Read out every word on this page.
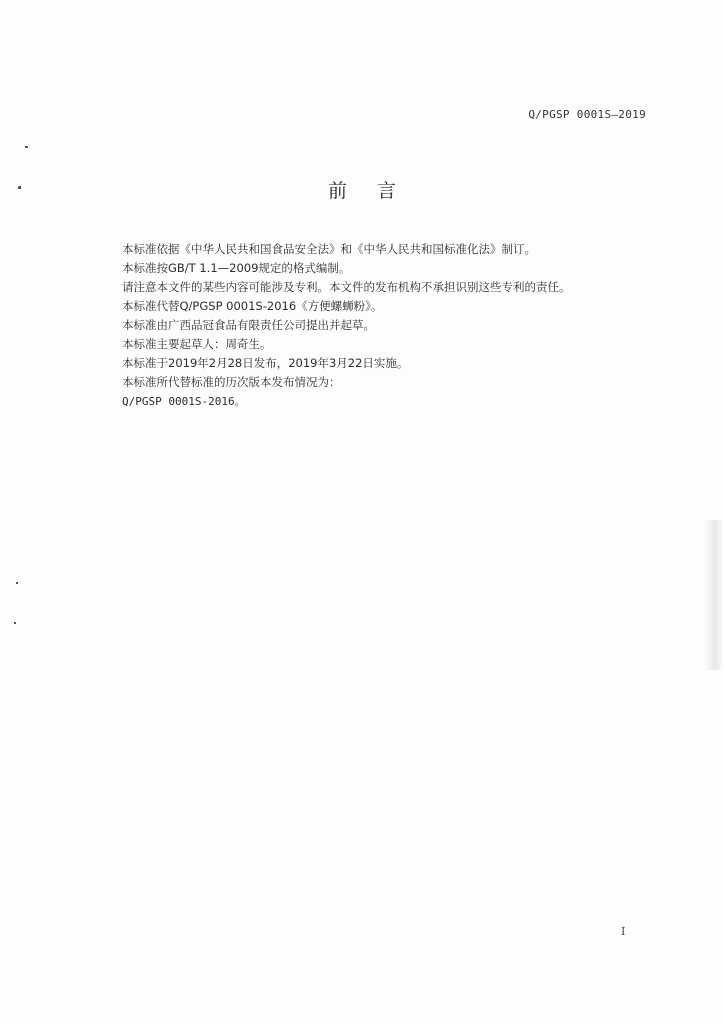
Q/PGSP 0001S—2019
前言

本标准依据《中华人民共和国食品安全法》和《中华人民共和国标准化法》制订。

本标准按GB/T 1.1—2009规定的格式编制。

请注意本文件的某些内容可能涉及专利。本文件的发布机构不承担识别这些专利的责任。

本标准代替Q/PGSP 0001S-2016《方便螺蛳粉》。

本标准由广西品冠食品有限责任公司提出并起草。

本标准主要起草人：周奇生。

本标准于2019年2月28日发布，2019年3月22日实施。

本标准所代替标准的历次版本发布情况为：

Q/PGSP 0001S-2016。

I
